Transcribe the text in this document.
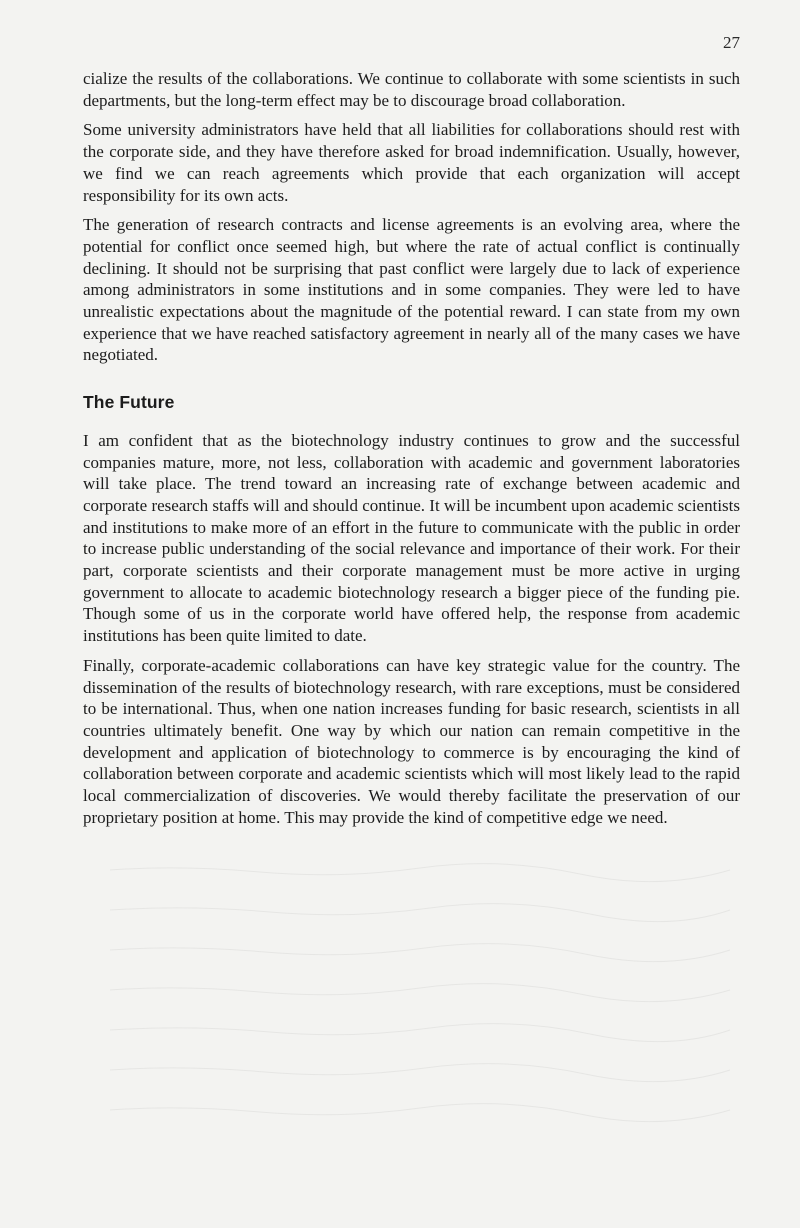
27

cialize the results of the collaborations. We continue to collaborate with some scientists in such departments, but the long-term effect may be to discourage broad collaboration.

Some university administrators have held that all liabilities for collaborations should rest with the corporate side, and they have therefore asked for broad indemnification. Usually, however, we find we can reach agreements which provide that each organization will accept responsibility for its own acts.

The generation of research contracts and license agreements is an evolving area, where the potential for conflict once seemed high, but where the rate of actual conflict is continually declining. It should not be surprising that past conflict were largely due to lack of experience among administrators in some institutions and in some companies. They were led to have unrealistic expectations about the magnitude of the potential reward. I can state from my own experience that we have reached satisfactory agreement in nearly all of the many cases we have negotiated.

The Future

I am confident that as the biotechnology industry continues to grow and the successful companies mature, more, not less, collaboration with academic and government laboratories will take place. The trend toward an increasing rate of exchange between academic and corporate research staffs will and should continue. It will be incumbent upon academic scientists and institutions to make more of an effort in the future to communicate with the public in order to increase public understanding of the social relevance and importance of their work. For their part, corporate scientists and their corporate management must be more active in urging government to allocate to academic biotechnology research a bigger piece of the funding pie. Though some of us in the corporate world have offered help, the response from academic institutions has been quite limited to date.

Finally, corporate-academic collaborations can have key strategic value for the country. The dissemination of the results of biotechnology research, with rare exceptions, must be considered to be international. Thus, when one nation increases funding for basic research, scientists in all countries ultimately benefit. One way by which our nation can remain competitive in the development and application of biotechnology to commerce is by encouraging the kind of collaboration between corporate and academic scientists which will most likely lead to the rapid local commercialization of discoveries. We would thereby facilitate the preservation of our proprietary position at home. This may provide the kind of competitive edge we need.
